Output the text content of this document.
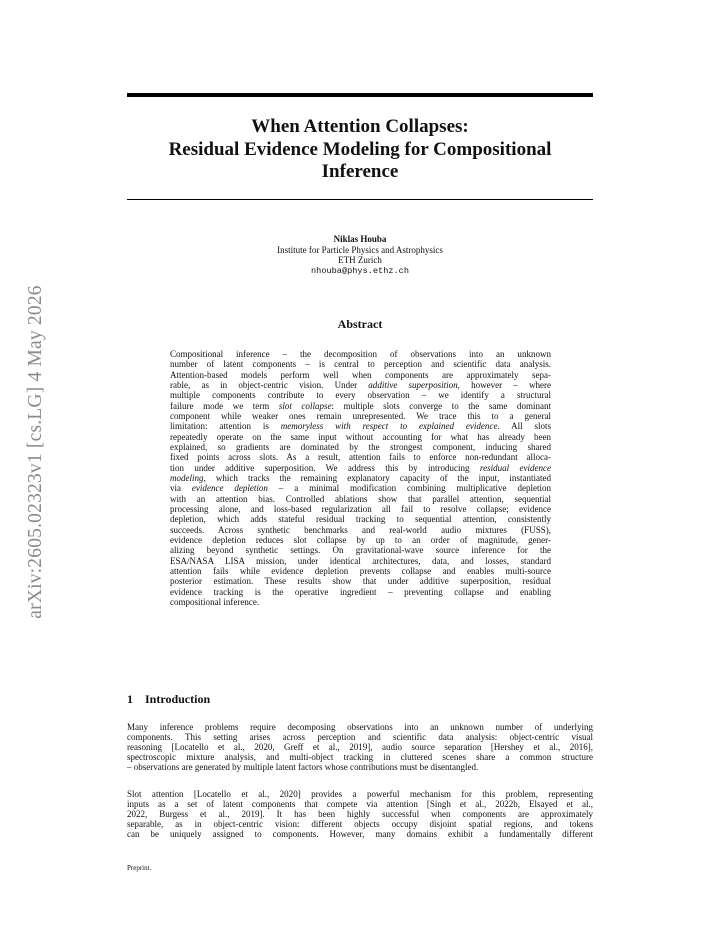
arXiv:2605.02323v1 [cs.LG] 4 May 2026
When Attention Collapses:
Residual Evidence Modeling for Compositional
Inference
Niklas Houba
Institute for Particle Physics and Astrophysics
ETH Zurich
nhouba@phys.ethz.ch
Abstract
Compositional inference – the decomposition of observations into an unknown
number of latent components – is central to perception and scientific data analysis.
Attention-based models perform well when components are approximately sepa-
rable, as in object-centric vision. Under additive superposition, however – where
multiple components contribute to every observation – we identify a structural
failure mode we term slot collapse: multiple slots converge to the same dominant
component while weaker ones remain unrepresented. We trace this to a general
limitation: attention is memoryless with respect to explained evidence. All slots
repeatedly operate on the same input without accounting for what has already been
explained, so gradients are dominated by the strongest component, inducing shared
fixed points across slots. As a result, attention fails to enforce non-redundant alloca-
tion under additive superposition. We address this by introducing residual evidence
modeling, which tracks the remaining explanatory capacity of the input, instantiated
via evidence depletion – a minimal modification combining multiplicative depletion
with an attention bias. Controlled ablations show that parallel attention, sequential
processing alone, and loss-based regularization all fail to resolve collapse; evidence
depletion, which adds stateful residual tracking to sequential attention, consistently
succeeds. Across synthetic benchmarks and real-world audio mixtures (FUSS),
evidence depletion reduces slot collapse by up to an order of magnitude, gener-
alizing beyond synthetic settings. On gravitational-wave source inference for the
ESA/NASA LISA mission, under identical architectures, data, and losses, standard
attention fails while evidence depletion prevents collapse and enables multi-source
posterior estimation. These results show that under additive superposition, residual
evidence tracking is the operative ingredient – preventing collapse and enabling
compositional inference.
1 Introduction
Many inference problems require decomposing observations into an unknown number of underlying
components. This setting arises across perception and scientific data analysis: object-centric visual
reasoning [Locatello et al., 2020, Greff et al., 2019], audio source separation [Hershey et al., 2016],
spectroscopic mixture analysis, and multi-object tracking in cluttered scenes share a common structure
– observations are generated by multiple latent factors whose contributions must be disentangled.
Slot attention [Locatello et al., 2020] provides a powerful mechanism for this problem, representing
inputs as a set of latent components that compete via attention [Singh et al., 2022b, Elsayed et al.,
2022, Burgess et al., 2019]. It has been highly successful when components are approximately
separable, as in object-centric vision: different objects occupy disjoint spatial regions, and tokens
can be uniquely assigned to components. However, many domains exhibit a fundamentally different
Preprint.
